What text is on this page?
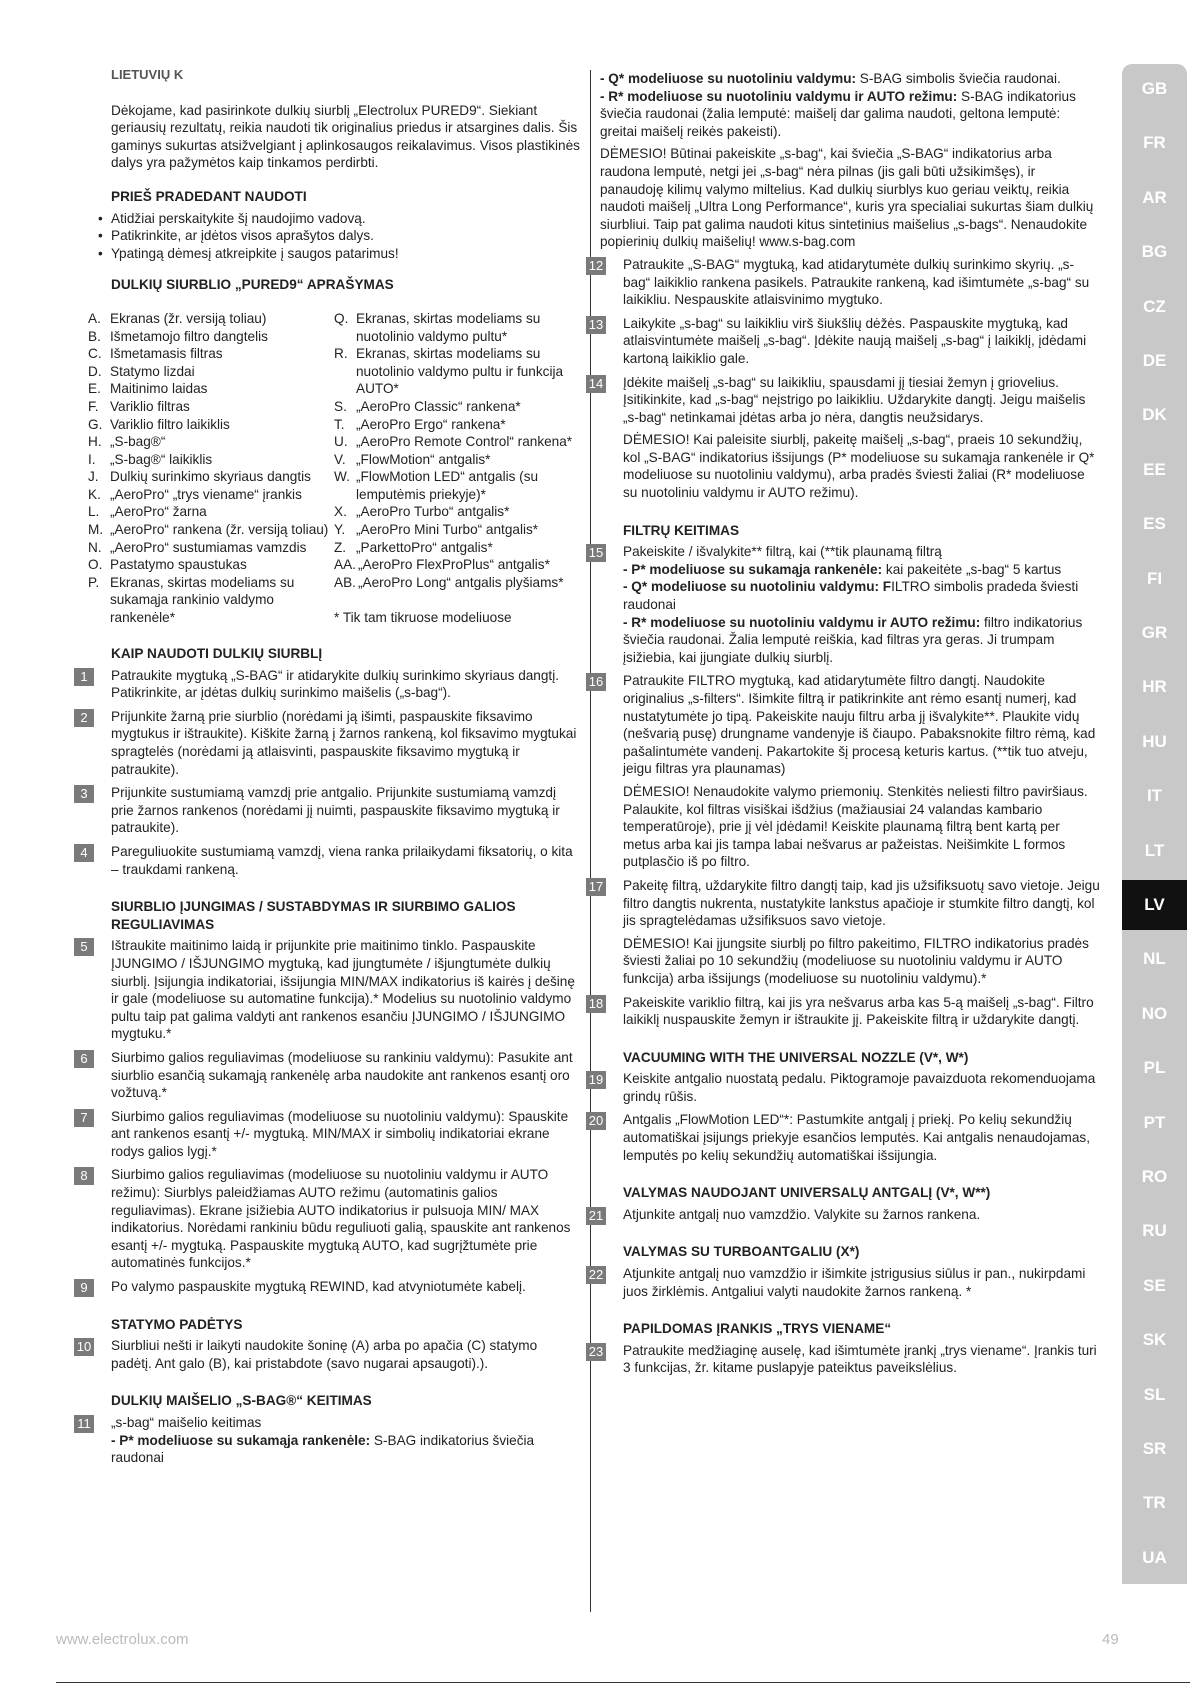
LIETUVIŲ K

Dėkojame, kad pasirinkote dulkių siurblį „Electrolux PURED9“. Siekiant geriausių rezultatų, reikia naudoti tik originalius priedus ir atsargines dalis. Šis gaminys sukurtas atsižvelgiant į aplinkosaugos reikalavimus. Visos plastikinės dalys yra pažymėtos kaip tinkamos perdirbti.

PRIEŠ PRADEDANT NAUDOTI
• Atidžiai perskaitykite šį naudojimo vadovą.
• Patikrinkite, ar įdėtos visos aprašytos dalys.
• Ypatingą dėmesį atkreipkite į saugos patarimus!
DULKIŲ SIURBLIO „PURED9“ APRAŠYMAS
A. Ekranas (žr. versiją toliau)
B. Išmetamojo filtro dangtelis
C. Išmetamasis filtras
D. Statymo lizdai
E. Maitinimo laidas
F. Variklio filtras
G. Variklio filtro laikiklis
H. „S-bag®“
I.	„S-bag®“ laikiklis
J. Dulkių surinkimo skyriaus dangtis
K. „AeroPro“ „trys viename“ įrankis
L. „AeroPro“ žarna
M. „AeroPro“ rankena (žr. versiją toliau)
N. „AeroPro“ sustumiamas vamzdis
O. Pastatymo spaustukas
P. Ekranas, skirtas modeliams su sukamąja rankinio valdymo rankenėle*
Q. Ekranas, skirtas modeliams su nuotolinio valdymo pultu*
R. Ekranas, skirtas modeliams su nuotolinio valdymo pultu ir funkcija AUTO*
S. „AeroPro Classic“ rankena*
T. „AeroPro Ergo“ rankena*
U. „AeroPro Remote Control“ rankena*
V. „FlowMotion“ antgalis*
W. „FlowMotion LED“ antgalis (su lemputėmis priekyje)*
X. „AeroPro Turbo“ antgalis*
Y. „AeroPro Mini Turbo“ antgalis*
Z. „ParkettoPro“ antgalis*
AA. „AeroPro FlexProPlus“ antgalis*
AB. „AeroPro Long“ antgalis plyšiams*
* Tik tam tikruose modeliuose
KAIP NAUDOTI DULKIŲ SIURBLĮ
1	Patraukite mygtuką „S-BAG“ ir atidarykite dulkių surinkimo skyriaus dangtį. Patikrinkite, ar įdėtas dulkių surinkimo maišelis („s-bag“).

2	Prijunkite žarną prie siurblio (norėdami ją išimti, paspauskite fiksavimo mygtukus ir ištraukite). Kiškite žarną į žarnos rankeną, kol fiksavimo mygtukai spragtelės (norėdami ją atlaisvinti, paspauskite fiksavimo mygtuką ir patraukite).

3	Prijunkite sustumiamą vamzdį prie antgalio. Prijunkite sustumiamą vamzdį prie žarnos rankenos (norėdami jį nuimti, paspauskite fiksavimo mygtuką ir patraukite).

4	Pareguliuokite sustumiamą vamzdį, viena ranka prilaikydami fiksatorių, o kita – traukdami rankeną.

SIURBLIO ĮJUNGIMAS / SUSTABDYMAS IR SIURBIMO GALIOS REGULIAVIMAS
5	Ištraukite maitinimo laidą ir prijunkite prie maitinimo tinklo. Paspauskite ĮJUNGIMO / IŠJUNGIMO mygtuką, kad įjungtumėte / išjungtumėte dulkių siurblį. Įsijungia indikatoriai, išsijungia MIN/MAX indikatorius iš kairės į dešinę ir gale (modeliuose su automatine funkcija).* Modelius su nuotolinio valdymo pultu taip pat galima valdyti ant rankenos esančiu ĮJUNGIMO / IŠJUNGIMO mygtuku.*

6	Siurbimo galios reguliavimas (modeliuose su rankiniu valdymu): Pasukite ant siurblio esančią sukamąją rankenėlę arba naudokite ant rankenos esantį oro vožtuvą.*

7	Siurbimo galios reguliavimas (modeliuose su nuotoliniu valdymu): Spauskite ant rankenos esantį +/- mygtuką. MIN/MAX ir simbolių indikatoriai ekrane rodys galios lygį.*

8	Siurbimo galios reguliavimas (modeliuose su nuotoliniu valdymu ir AUTO režimu): Siurblys paleidžiamas AUTO režimu (automatinis galios reguliavimas). Ekrane įsižiebia AUTO indikatorius ir pulsuoja MIN/ MAX indikatorius. Norėdami rankiniu būdu reguliuoti galią, spauskite ant rankenos esantį +/- mygtuką. Paspauskite mygtuką AUTO, kad sugrįžtumėte prie automatinės funkcijos.*

9	Po valymo paspauskite mygtuką REWIND, kad atvyniotumėte kabelį.

STATYMO PADĖTYS
10 Siurbliui nešti ir laikyti naudokite šoninę (A) arba po apačia (C) statymo padėtį. Ant galo (B), kai pristabdote (savo nugarai apsaugoti).).

DULKIŲ MAIŠELIO „S-BAG®“ KEITIMAS
11 „s-bag“ maišelio keitimas
- P* modeliuose su sukamąja rankenėle: S-BAG indikatorius šviečia raudonai
- Q* modeliuose su nuotoliniu valdymu: S-BAG simbolis šviečia raudonai.
- R* modeliuose su nuotoliniu valdymu ir AUTO režimu: S-BAG indikatorius šviečia raudonai (žalia lemputė: maišelį dar galima naudoti, geltona lemputė: greitai maišelį reikės pakeisti).
DĖMESIO! Būtinai pakeiskite „s-bag“, kai šviečia „S-BAG“ indikatorius arba raudona lemputė, netgi jei „s-bag“ nėra pilnas (jis gali būti užsikimšęs), ir panaudoję kilimų valymo miltelius. Kad dulkių siurblys kuo geriau veiktų, reikia naudoti maišelį „Ultra Long Performance“, kuris yra specialiai sukurtas šiam dulkių siurbliui. Taip pat galima naudoti kitus sintetinius maišelius „s-bags“. Nenaudokite popierinių dulkių maišelių! www.s-bag.com
12 Patraukite „S-BAG“ mygtuką, kad atidarytumėte dulkių surinkimo skyrių. „s-bag“ laikiklio rankena pasikels. Patraukite rankeną, kad išimtumėte „s-bag“ su laikikliu. Nespauskite atlaisvinimo mygtuko.

13 Laikykite „s-bag“ su laikikliu virš šiukšlių dėžės. Paspauskite mygtuką, kad atlaisvintumėte maišelį „s-bag“. Įdėkite naują maišelį „s-bag“ į laikiklį, įdėdami kartoną laikiklio gale.

14 Įdėkite maišelį „s-bag“ su laikikliu, spausdami jį tiesiai žemyn į griovelius. Įsitikinkite, kad „s-bag“ neįstrigo po laikikliu. Uždarykite dangtį. Jeigu maišelis „s-bag“ netinkamai įdėtas arba jo nėra, dangtis neužsidarys.

DĖMESIO! Kai paleisite siurblį, pakeitę maišelį „s-bag“, praeis 10 sekundžių, kol „S-BAG“ indikatorius išsijungs (P* modeliuose su sukamąja rankenėle ir Q* modeliuose su nuotoliniu valdymu), arba pradės šviesti žaliai (R* modeliuose su nuotoliniu valdymu ir AUTO režimu).

FILTRŲ KEITIMAS
15 Pakeiskite / išvalykite** filtrą, kai (**tik plaunamą filtrą
- P* modeliuose su sukamąja rankenėle: kai pakeitėte „s-bag“ 5 kartus
- Q* modeliuose su nuotoliniu valdymu: FILTRO simbolis pradeda šviesti raudonai
- R* modeliuose su nuotoliniu valdymu ir AUTO režimu: filtro indikatorius šviečia raudonai. Žalia lemputė reiškia, kad filtras yra geras. Ji trumpam įsižiebia, kai įjungiate dulkių siurblį.
16 Patraukite FILTRO mygtuką, kad atidarytumėte filtro dangtį. Naudokite originalius „s-filters“. Išimkite filtrą ir patikrinkite ant rėmo esantį numerį, kad nustatytumėte jo tipą. Pakeiskite nauju filtru arba jį išvalykite**. Plaukite vidų (nešvarią pusę) drungname vandenyje iš čiaupo. Pabaksnokite filtro rėmą, kad pašalintumėte vandenį. Pakartokite šį procesą keturis kartus. (**tik tuo atveju, jeigu filtras yra plaunamas)

DĖMESIO! Nenaudokite valymo priemonių. Stenkitės neliesti filtro paviršiaus. Palaukite, kol filtras visiškai išdžius (mažiausiai 24 valandas kambario temperatūroje), prie jį vėl įdėdami! Keiskite plaunamą filtrą bent kartą per metus arba kai jis tampa labai nešvarus ar pažeistas. Neišimkite L formos putplasčio iš po filtro.

17 Pakeitę filtrą, uždarykite filtro dangtį taip, kad jis užsifiksuotų savo vietoje. Jeigu filtro dangtis nukrenta, nustatykite lankstus apačioje ir stumkite filtro dangtį, kol jis spragtelėdamas užsifiksuos savo vietoje.

DĖMESIO! Kai įjungsite siurblį po filtro pakeitimo, FILTRO indikatorius pradės šviesti žaliai po 10 sekundžių (modeliuose su nuotoliniu valdymu ir AUTO funkcija) arba išsijungs (modeliuose su nuotoliniu valdymu).*

18 Pakeiskite variklio filtrą, kai jis yra nešvarus arba kas 5-ą maišelį „s-bag“. Filtro laikiklį nuspauskite žemyn ir ištraukite jį. Pakeiskite filtrą ir uždarykite dangtį.

VACUUMING WITH THE UNIVERSAL NOZZLE (V*, W*)
19 Keiskite antgalio nuostatą pedalu. Piktogramoje pavaizduota rekomenduojama grindų rūšis.

20 Antgalis „FlowMotion LED“*: Pastumkite antgalį į priekį. Po kelių sekundžių automatiškai įsijungs priekyje esančios lemputės. Kai antgalis nenaudojamas, lemputės po kelių sekundžių automatiškai išsijungia.

VALYMAS NAUDOJANT UNIVERSALŲ ANTGALĮ (V*, W**)
21 Atjunkite antgalį nuo vamzdžio. Valykite su žarnos rankena.

VALYMAS SU TURBOANTGALIU (X*)
22 Atjunkite antgalį nuo vamzdžio ir išimkite įstrigusius siūlus ir pan., nukirpdami juos žirklėmis. Antgaliui valyti naudokite žarnos rankeną. *

PAPILDOMAS ĮRANKIS „TRYS VIENAME“
23 Patraukite medžiaginę auselę, kad išimtumėte įrankį „trys viename“. Įrankis turi 3 funkcijas, žr. kitame puslapyje pateiktus paveikslėlius.

GB
FR
AR
BG
CZ
DE
DK
EE
ES
FI
GR
HR
HU
IT
LT
LV
NL
NO
PL
PT
RO
RU
SE
SK
SL
SR
TR
UA
www.electrolux.com	49
